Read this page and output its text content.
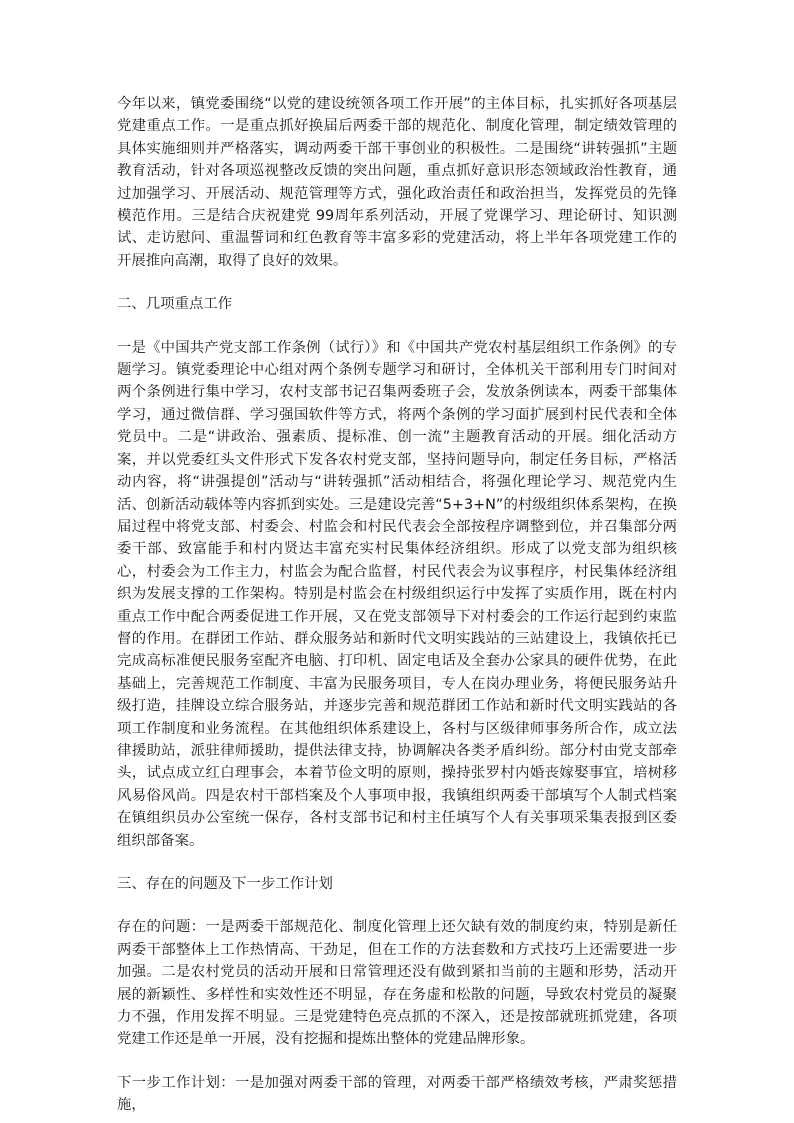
今年以来，镇党委围绕“以党的建设统领各项工作开展”的主体目标，扎实抓好各项基层党建重点工作。一是重点抓好换届后两委干部的规范化、制度化管理，制定绩效管理的具体实施细则并严格落实，调动两委干部干事创业的积极性。二是围绕“讲转强抓”主题教育活动，针对各项巡视整改反馈的突出问题，重点抓好意识形态领域政治性教育，通过加强学习、开展活动、规范管理等方式，强化政治责任和政治担当，发挥党员的先锋模范作用。三是结合庆祝建党 99周年系列活动，开展了党课学习、理论研讨、知识测试、走访慰问、重温誓词和红色教育等丰富多彩的党建活动，将上半年各项党建工作的开展推向高潮，取得了良好的效果。

二、几项重点工作

一是《中国共产党支部工作条例（试行）》和《中国共产党农村基层组织工作条例》的专题学习。镇党委理论中心组对两个条例专题学习和研讨，全体机关干部利用专门时间对两个条例进行集中学习，农村支部书记召集两委班子会，发放条例读本，两委干部集体学习，通过微信群、学习强国软件等方式，将两个条例的学习面扩展到村民代表和全体党员中。二是“讲政治、强素质、提标准、创一流”主题教育活动的开展。细化活动方案，并以党委红头文件形式下发各农村党支部，坚持问题导向，制定任务目标，严格活动内容，将“讲强提创”活动与“讲转强抓”活动相结合，将强化理论学习、规范党内生活、创新活动载体等内容抓到实处。三是建设完善“5+3+N”的村级组织体系架构，在换届过程中将党支部、村委会、村监会和村民代表会全部按程序调整到位，并召集部分两委干部、致富能手和村内贤达丰富充实村民集体经济组织。形成了以党支部为组织核心，村委会为工作主力，村监会为配合监督，村民代表会为议事程序，村民集体经济组织为发展支撑的工作架构。特别是村监会在村级组织运行中发挥了实质作用，既在村内重点工作中配合两委促进工作开展，又在党支部领导下对村委会的工作运行起到约束监督的作用。在群团工作站、群众服务站和新时代文明实践站的三站建设上，我镇依托已完成高标准便民服务室配齐电脑、打印机、固定电话及全套办公家具的硬件优势，在此基础上，完善规范工作制度、丰富为民服务项目，专人在岗办理业务，将便民服务站升级打造，挂牌设立综合服务站，并逐步完善和规范群团工作站和新时代文明实践站的各项工作制度和业务流程。在其他组织体系建设上，各村与区级律师事务所合作，成立法律援助站，派驻律师援助，提供法律支持，协调解决各类矛盾纠纷。部分村由党支部牵头，试点成立红白理事会，本着节俭文明的原则，操持张罗村内婚丧嫁娶事宜，培树移风易俗风尚。四是农村干部档案及个人事项申报，我镇组织两委干部填写个人制式档案在镇组织员办公室统一保存，各村支部书记和村主任填写个人有关事项采集表报到区委组织部备案。

三、存在的问题及下一步工作计划

存在的问题：一是两委干部规范化、制度化管理上还欠缺有效的制度约束，特别是新任两委干部整体上工作热情高、干劲足，但在工作的方法套数和方式技巧上还需要进一步加强。二是农村党员的活动开展和日常管理还没有做到紧扣当前的主题和形势，活动开展的新颖性、多样性和实效性还不明显，存在务虚和松散的问题，导致农村党员的凝聚力不强，作用发挥不明显。三是党建特色亮点抓的不深入，还是按部就班抓党建，各项党建工作还是单一开展，没有挖掘和提炼出整体的党建品牌形象。

下一步工作计划：一是加强对两委干部的管理，对两委干部严格绩效考核，严肃奖惩措施，
